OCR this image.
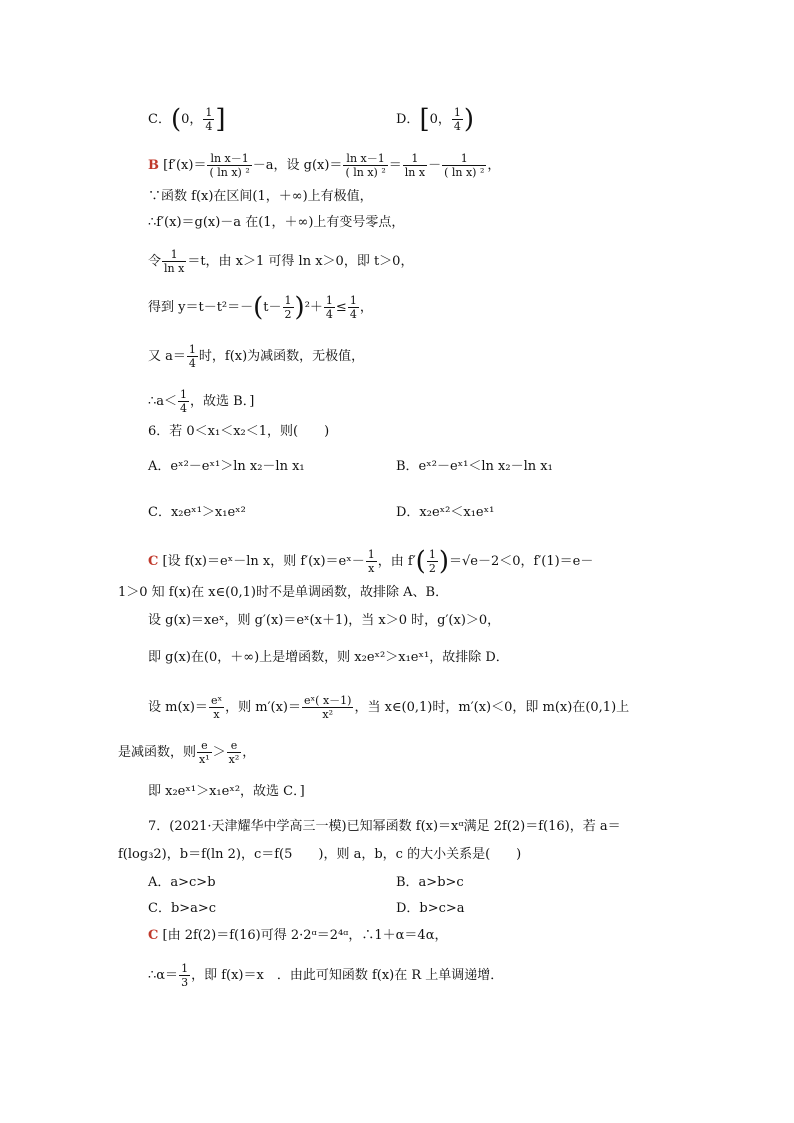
C．(0， $\frac{1}{4}$ ]	D．[0， $\frac{1}{4}$ )
B [$f'(x)= \frac{\text{ln x－1}}{\text{( ln x) ²}} -a$，设 $g(x)= \frac{\text{ln x－1}}{\text{( ln x) ²}} = \frac{1}{\text{ln x}} - \frac{1}{\text{( ln x) ²}}$ ，
∵函数 f(x)在区间(1，＋∞)上有极值，
∴f′(x)＝g(x)－a 在(1，＋∞)上有变号零点，
令 $\frac{1}{\text{ln x}} =t$，由 x＞1 可得 ln x＞0，即 t＞0，
得到 $y=t-t^2=-(t- \frac{1}{2} )^2+ \frac{1}{4} \le \frac{1}{4}$ ，
又 $a= \frac{1}{4}$ 时，f(x)为减函数，无极值，
∴a＜ $\frac{1}{4}$ ，故选 B．]
6．若 0＜x₁＜x₂＜1，则(　　)
A．eˣ²－eˣ¹＞ln x₂－ln x₁	B．eˣ²－eˣ¹＜ln x₂－ln x₁
C．x₂eˣ¹＞x₁eˣ²	D．x₂eˣ²＜x₁eˣ¹
C [设 f(x)＝eˣ－ln x，则 f′(x)＝eˣ－ $\frac{1}{x}$ ，由 $f'( \frac{1}{2} )=√e-2<0$，f′(1)＝e－
1＞0 知 f(x)在 x∈(0,1)时不是单调函数，故排除 A、B．
设 g(x)＝xeˣ，则 g′(x)＝eˣ(x＋1)，当 x＞0 时，g′(x)＞0，
即 g(x)在(0，＋∞)上是增函数，则 x₂eˣ²＞x₁eˣ¹，故排除 D．
设 $m(x)= \frac{\text{eˣ}}{x}$ ，则 $m'(x)= \frac{\text{eˣ( x－1)}}{\text{x²}}$ ，当 x∈(0,1)时，m′(x)＜0，即 m(x)在(0,1)上
是减函数，则 $\frac{e}{\text{x¹}} > \frac{e}{\text{x²}}$ ，
即 x₂eˣ¹＞x₁eˣ²，故选 C．]
7．(2021·天津耀华中学高三一模)已知幂函数 f(x)＝xᵅ满足 2f(2)＝f(16)，若 a＝
f(log₃2)，b＝f(ln 2)，c＝f(5　　)，则 a，b，c 的大小关系是(　　)
A．a>c>b	B．a>b>c
C．b>a>c	D．b>c>a
C [由 2f(2)＝f(16)可得 2·2ᵅ＝2⁴ᵅ，∴1＋α＝4α，
∴α＝ $\frac{1}{3}$ ，即 f(x)＝x　．由此可知函数 f(x)在 R 上单调递增．
